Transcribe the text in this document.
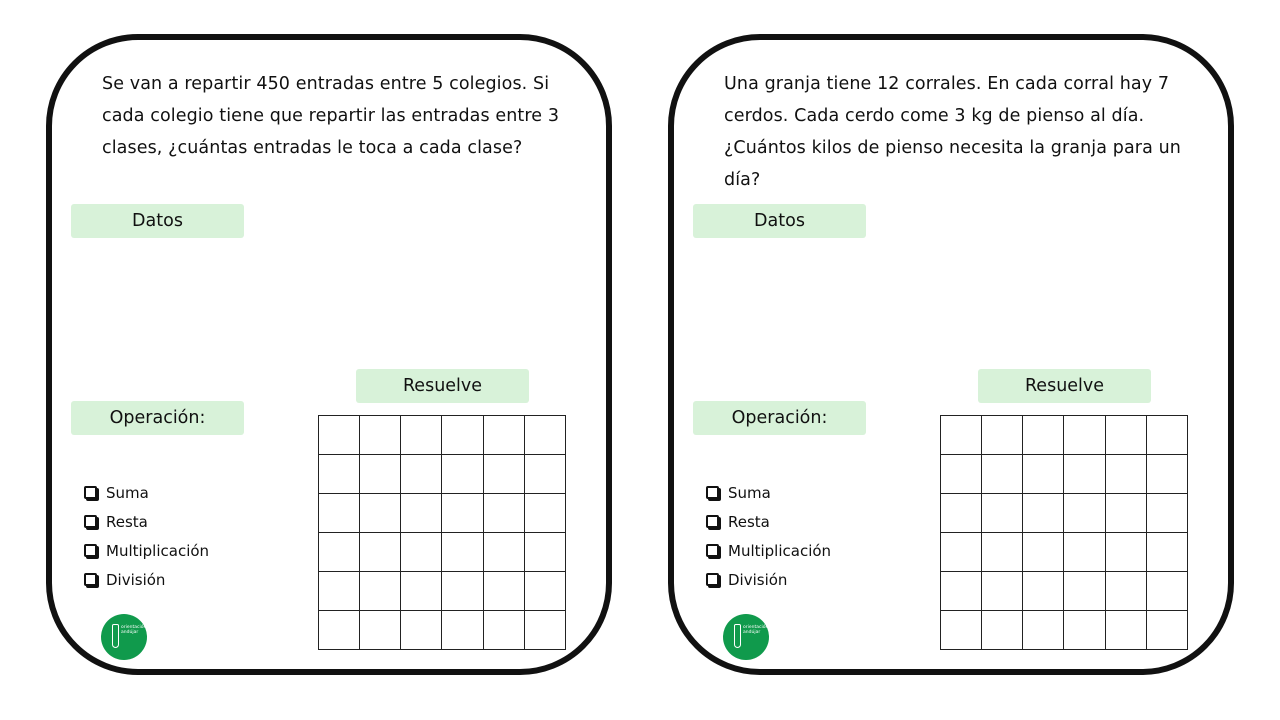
Se van a repartir 450 entradas entre 5 colegios. Si cada colegio tiene que repartir las entradas entre 3 clases, ¿cuántas entradas le toca a cada clase?

Datos
Operación:
Resuelve
Suma
Resta
Multiplicación
División

orientación andújar

Una granja tiene 12 corrales. En cada corral hay 7 cerdos. Cada cerdo come 3 kg de pienso al día. ¿Cuántos kilos de pienso necesita la granja para un día?

Datos
Operación:
Resuelve
Suma
Resta
Multiplicación
División

orientación andújar
